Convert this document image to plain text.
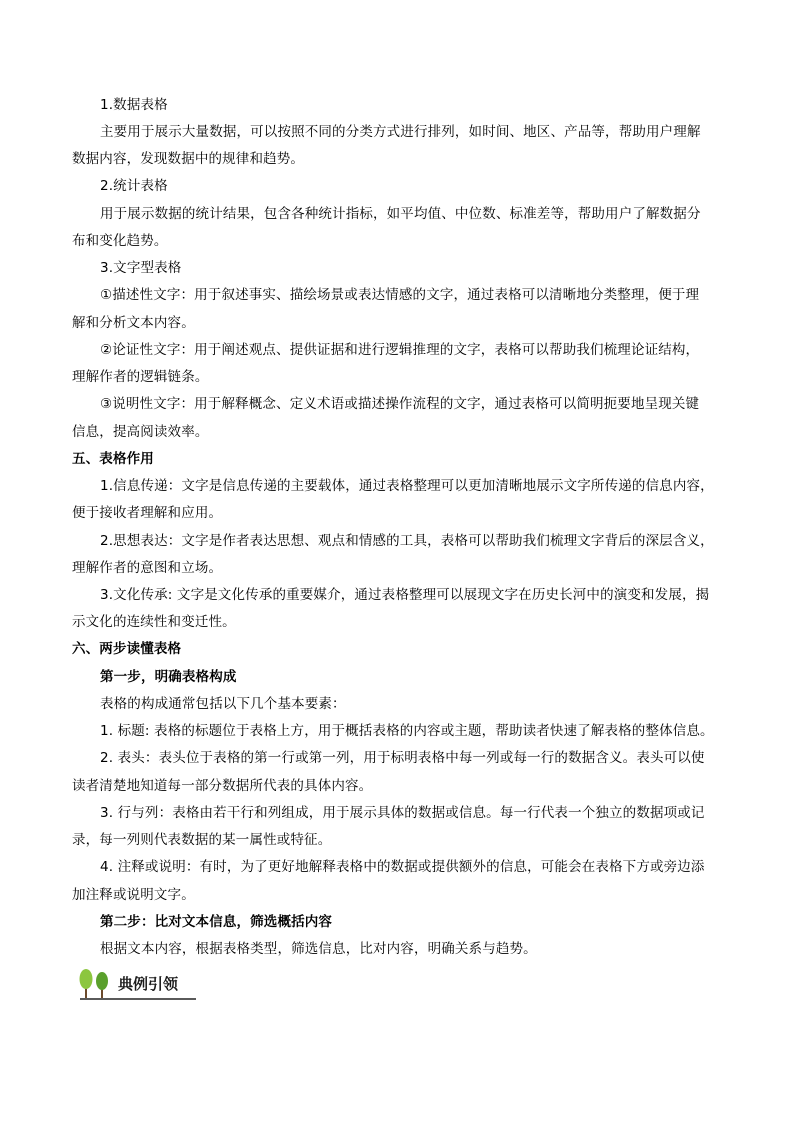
1.数据表格
主要用于展示大量数据，可以按照不同的分类方式进行排列，如时间、地区、产品等，帮助用户理解
数据内容，发现数据中的规律和趋势。
2.统计表格
用于展示数据的统计结果，包含各种统计指标，如平均值、中位数、标准差等，帮助用户了解数据分
布和变化趋势。
3.文字型表格
①描述性文字：用于叙述事实、描绘场景或表达情感的文字，通过表格可以清晰地分类整理，便于理
解和分析文本内容。
②论证性文字：用于阐述观点、提供证据和进行逻辑推理的文字，表格可以帮助我们梳理论证结构，
理解作者的逻辑链条。
③说明性文字：用于解释概念、定义术语或描述操作流程的文字，通过表格可以简明扼要地呈现关键
信息，提高阅读效率。
五、表格作用
1.信息传递：文字是信息传递的主要载体，通过表格整理可以更加清晰地展示文字所传递的信息内容，
便于接收者理解和应用。
2.思想表达：文字是作者表达思想、观点和情感的工具，表格可以帮助我们梳理文字背后的深层含义，
理解作者的意图和立场。
3.文化传承: 文字是文化传承的重要媒介，通过表格整理可以展现文字在历史长河中的演变和发展，揭
示文化的连续性和变迁性。
六、两步读懂表格
第一步，明确表格构成
表格的构成通常包括以下几个基本要素：
1. 标题: 表格的标题位于表格上方，用于概括表格的内容或主题，帮助读者快速了解表格的整体信息。
2. 表头：表头位于表格的第一行或第一列，用于标明表格中每一列或每一行的数据含义。表头可以使
读者清楚地知道每一部分数据所代表的具体内容。
3. 行与列：表格由若干行和列组成，用于展示具体的数据或信息。每一行代表一个独立的数据项或记
录，每一列则代表数据的某一属性或特征。
4. 注释或说明：有时，为了更好地解释表格中的数据或提供额外的信息，可能会在表格下方或旁边添
加注释或说明文字。
第二步：比对文本信息，筛选概括内容
根据文本内容，根据表格类型，筛选信息，比对内容，明确关系与趋势。
典例引领
